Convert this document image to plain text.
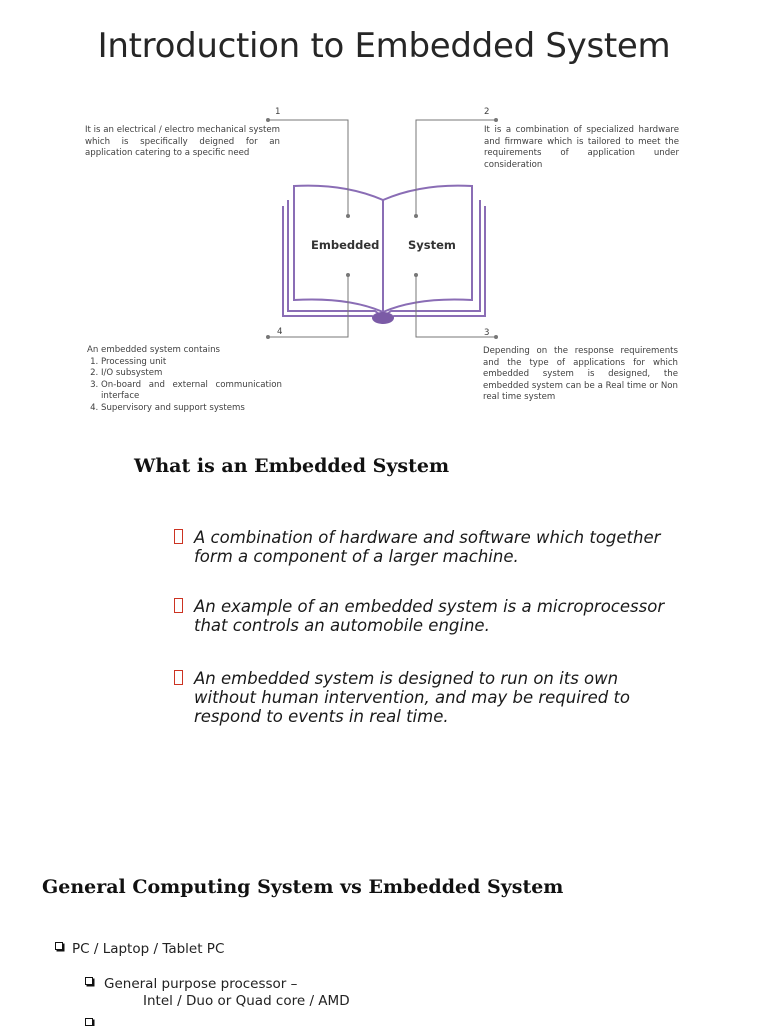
Introduction to Embedded System
1	2
3
4
Embedded System

It is an electrical / electro mechanical system which is specifically deigned for an application catering to a specific need

It is a combination of specialized hardware and firmware which is tailored to meet the requirements of application under consideration

Depending on the response requirements and the type of applications for which embedded system is designed, the embedded system can be a Real time or Non real time system

An embedded system contains

1. Processing unit
2. I/O subsystem
3. On-board and external communication interface
4. Supervisory and support systems
What is an Embedded System
A combination of hardware and software which together form a component of a larger machine.
An example of an embedded system is a microprocessor that controls an automobile engine.
An embedded system is designed to run on its own without human intervention, and may be required to respond to events in real time.
General Computing System vs Embedded System
PC / Laptop / Tablet PC
General purpose processor –
Intel / Duo or Quad core / AMD
